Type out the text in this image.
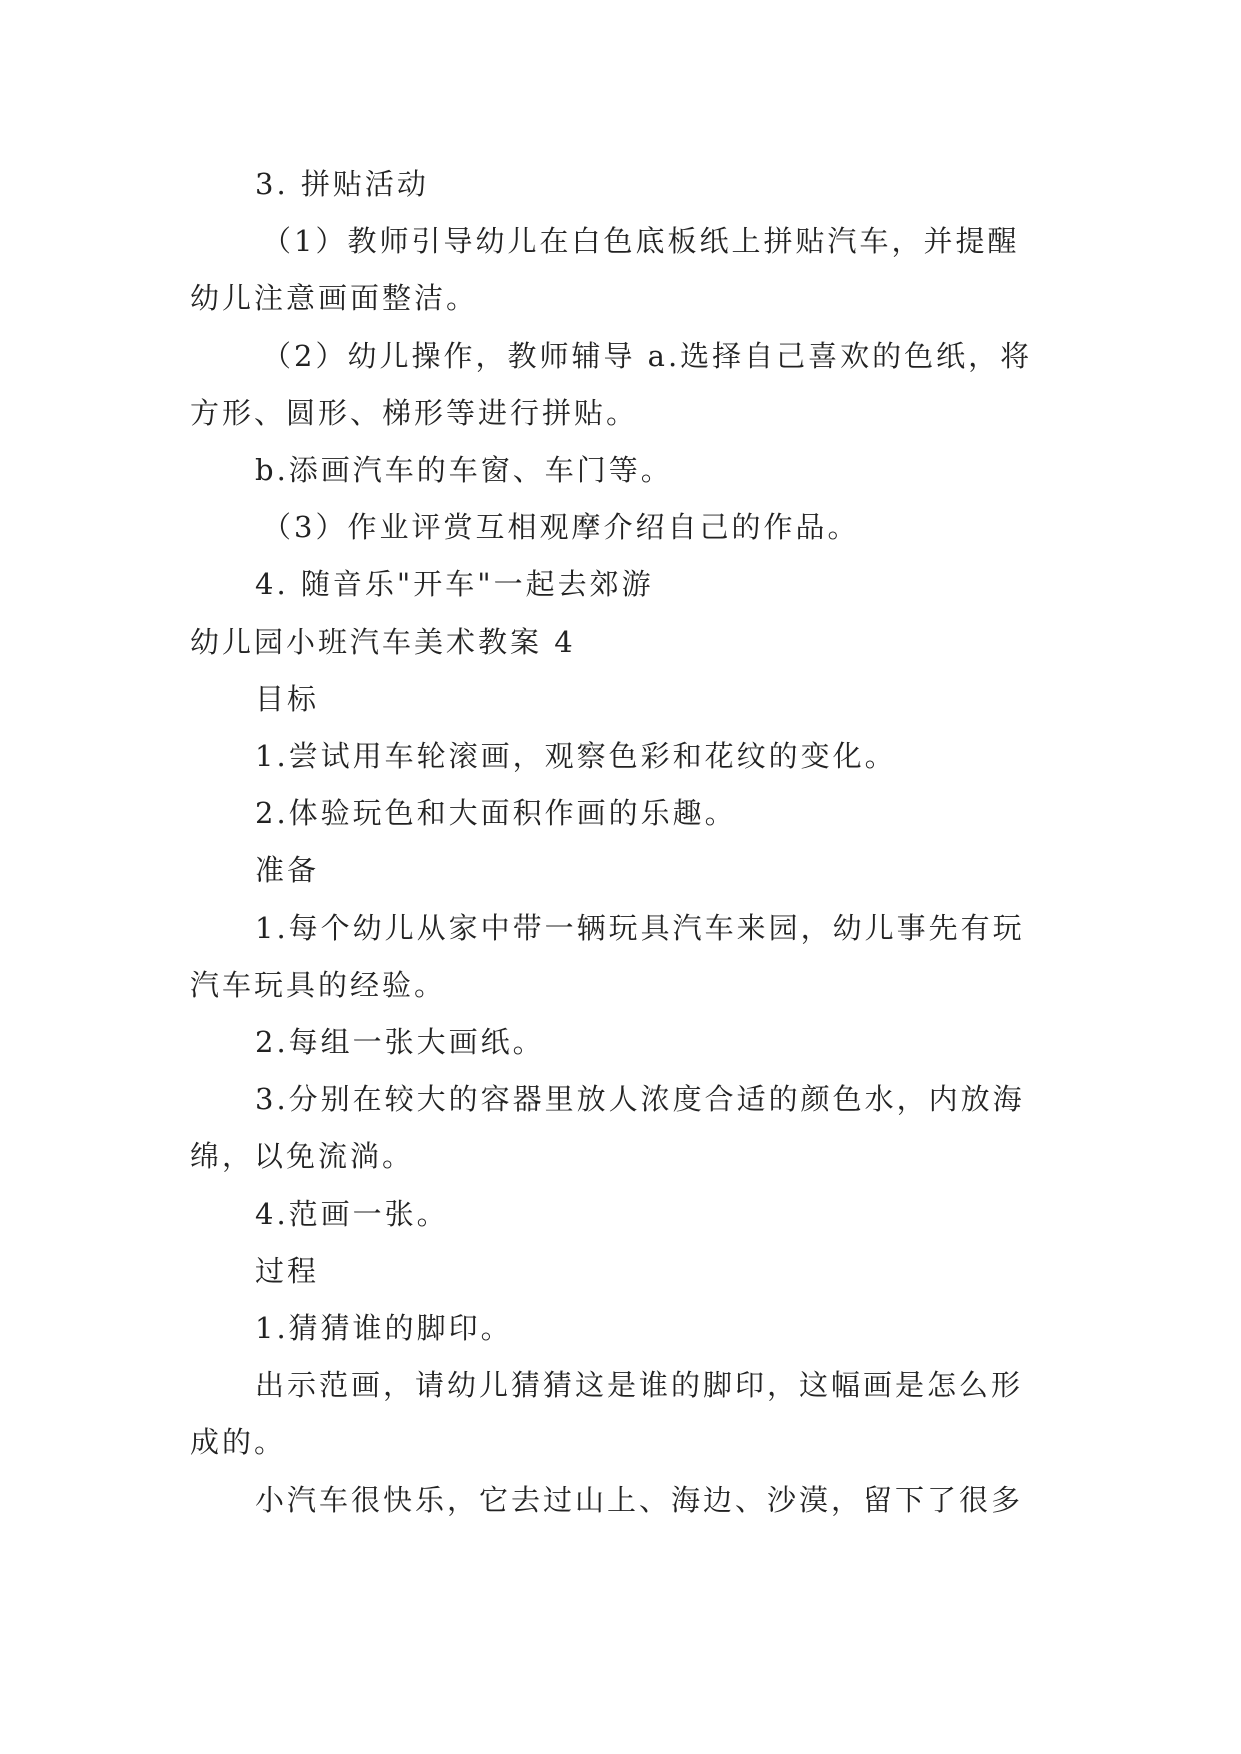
3. 拼贴活动
（1）教师引导幼儿在白色底板纸上拼贴汽车，并提醒
幼儿注意画面整洁。
（2）幼儿操作，教师辅导 a.选择自己喜欢的色纸，将
方形、圆形、梯形等进行拼贴。
b.添画汽车的车窗、车门等。
（3）作业评赏互相观摩介绍自己的作品。
4. 随音乐"开车"一起去郊游
幼儿园小班汽车美术教案 4
目标
1.尝试用车轮滚画，观察色彩和花纹的变化。
2.体验玩色和大面积作画的乐趣。
准备
1.每个幼儿从家中带一辆玩具汽车来园，幼儿事先有玩
汽车玩具的经验。
2.每组一张大画纸。
3.分别在较大的容器里放人浓度合适的颜色水，内放海
绵，以免流淌。
4.范画一张。
过程
1.猜猜谁的脚印。
出示范画，请幼儿猜猜这是谁的脚印，这幅画是怎么形
成的。
小汽车很快乐，它去过山上、海边、沙漠，留下了很多
